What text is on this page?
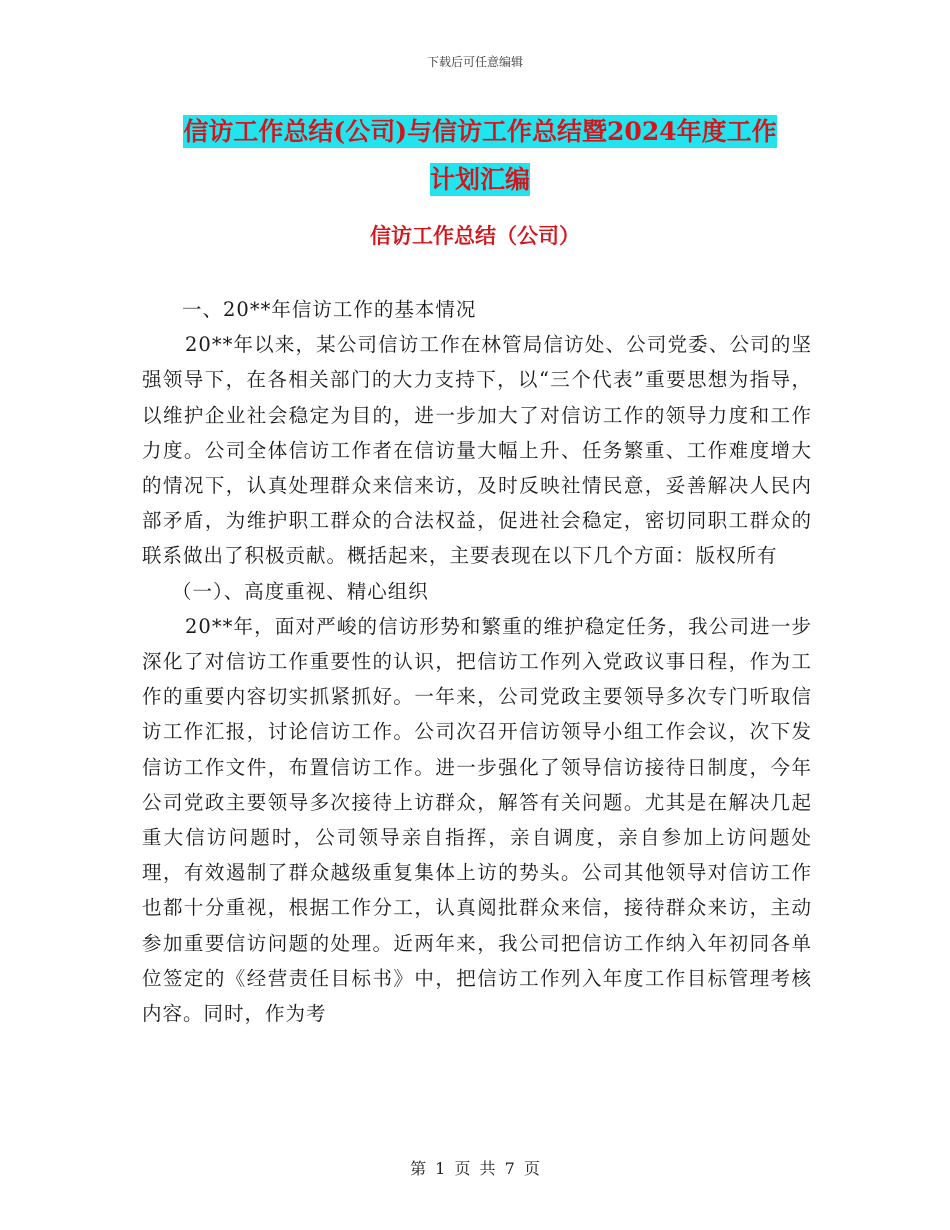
下载后可任意编辑
信访工作总结(公司)与信访工作总结暨2024年度工作
计划汇编
信访工作总结（公司）

一、20**年信访工作的基本情况

20**年以来，某公司信访工作在林管局信访处、公司党委、公司的坚强领导下，在各相关部门的大力支持下，以“三个代表”重要思想为指导，以维护企业社会稳定为目的，进一步加大了对信访工作的领导力度和工作力度。公司全体信访工作者在信访量大幅上升、任务繁重、工作难度增大的情况下，认真处理群众来信来访，及时反映社情民意，妥善解决人民内部矛盾，为维护职工群众的合法权益，促进社会稳定，密切同职工群众的联系做出了积极贡献。概括起来，主要表现在以下几个方面：版权所有

（一）、高度重视、精心组织

20**年，面对严峻的信访形势和繁重的维护稳定任务，我公司进一步深化了对信访工作重要性的认识，把信访工作列入党政议事日程，作为工作的重要内容切实抓紧抓好。一年来，公司党政主要领导多次专门听取信访工作汇报，讨论信访工作。公司次召开信访领导小组工作会议，次下发信访工作文件，布置信访工作。进一步强化了领导信访接待日制度，今年公司党政主要领导多次接待上访群众，解答有关问题。尤其是在解决几起重大信访问题时，公司领导亲自指挥，亲自调度，亲自参加上访问题处理，有效遏制了群众越级重复集体上访的势头。公司其他领导对信访工作也都十分重视，根据工作分工，认真阅批群众来信，接待群众来访，主动参加重要信访问题的处理。近两年来，我公司把信访工作纳入年初同各单位签定的《经营责任目标书》中，把信访工作列入年度工作目标管理考核内容。同时，作为考

第 1 页 共 7 页
